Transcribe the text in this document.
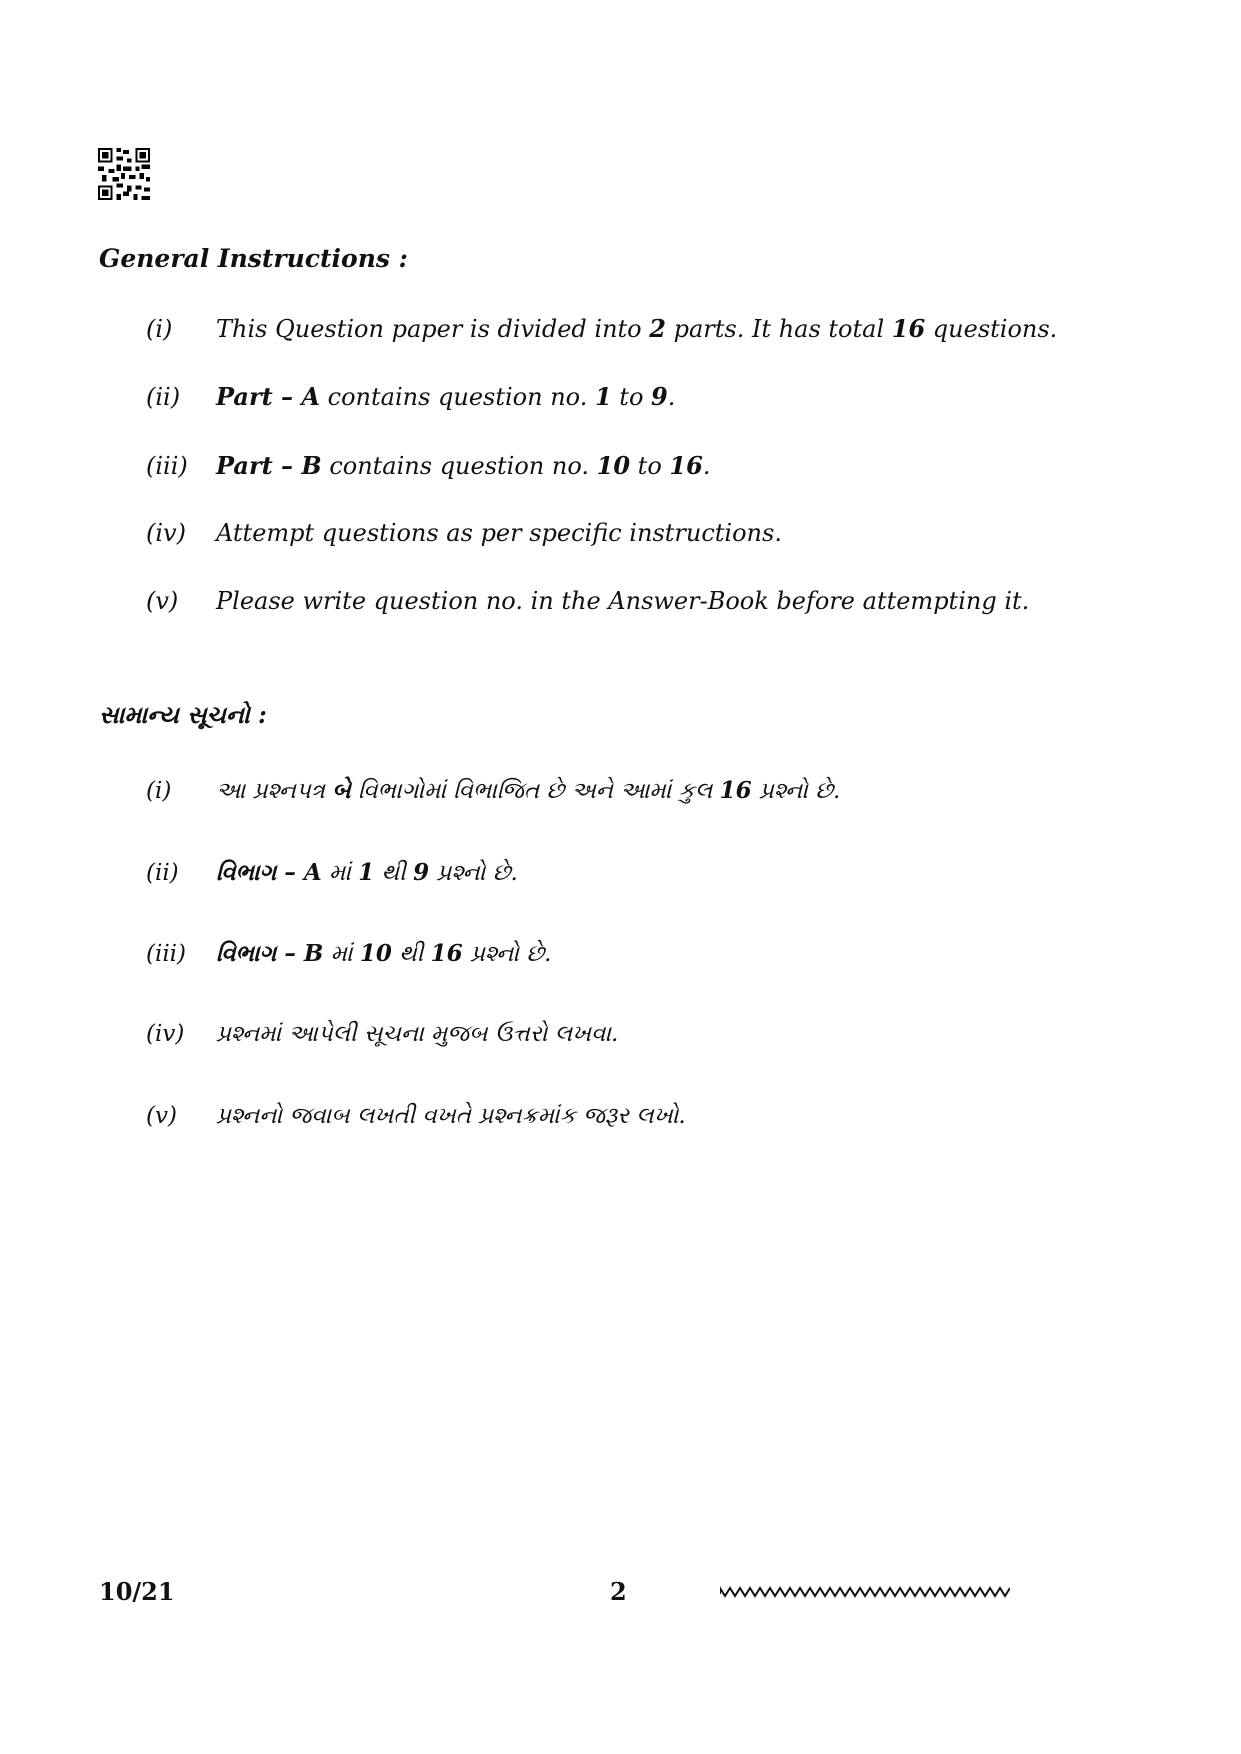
General Instructions :
(i) This Question paper is divided into 2 parts. It has total 16 questions.
(ii) Part – A contains question no. 1 to 9.
(iii) Part – B contains question no. 10 to 16.
(iv) Attempt questions as per specific instructions.
(v) Please write question no. in the Answer-Book before attempting it.
સામાન્ય સૂચનો :
(i) આ પ્રશ્નપત્ર બે વિભાગોમાં વિભાજિત છે અને આમાં કુલ 16 પ્રશ્નો છે.
(ii) વિભાગ – A માં 1 થી 9 પ્રશ્નો છે.
(iii) વિભાગ – B માં 10 થી 16 પ્રશ્નો છે.
(iv) પ્રશ્નમાં આપેલી સૂચના મુજબ ઉત્તરો લખવા.
(v) પ્રશ્નનો જવાબ લખતી વખતે પ્રશ્નક્રમાંક જરૂર લખો.
10/21	2
